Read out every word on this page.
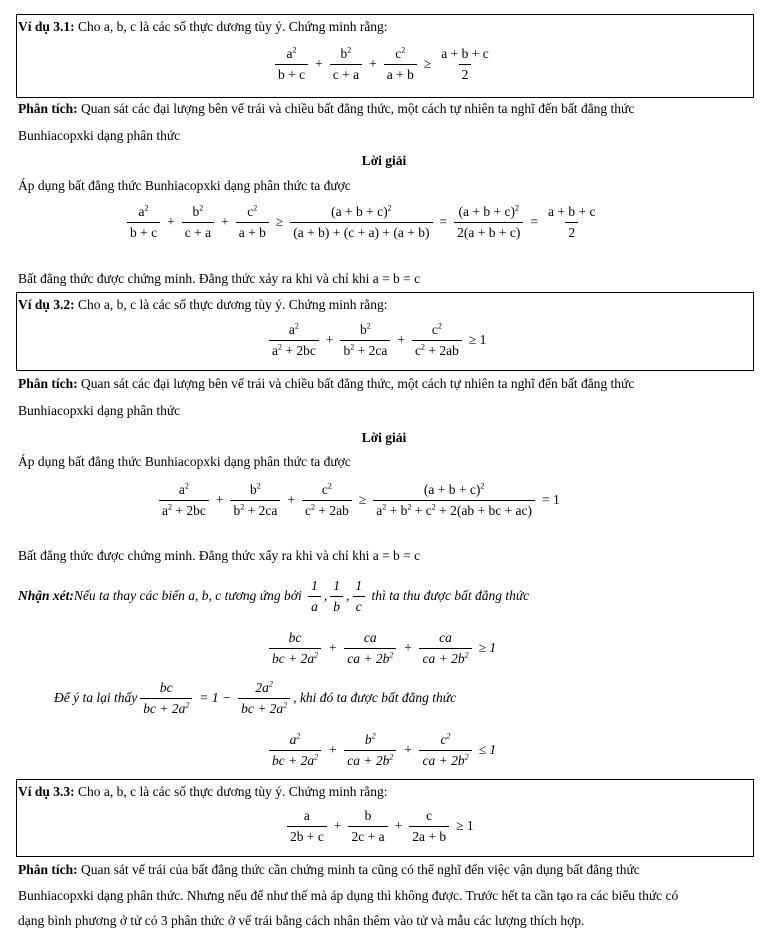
Ví dụ 3.1: Cho a, b, c là các số thực dương tùy ý. Chứng minh rằng:
$\frac{a^2}{b + c} + \frac{b^2}{c + a} + \frac{c^2}{a + b} \ge \frac{a + b + c}{2}$
Phân tích: Quan sát các đại lượng bên vế trái và chiều bất đẳng thức, một cách tự nhiên ta nghĩ đến bất đẳng thức
Bunhiacopxki dạng phân thức
Lời giải
Áp dụng bất đẳng thức Bunhiacopxki dạng phân thức ta được
$\frac{a^2}{b + c} + \frac{b^2}{c + a} + \frac{c^2}{a + b} \ge \frac{(a + b + c)^2}{(a + b) + (c + a) + (a + b)} = \frac{(a + b + c)^2}{2(a + b + c)} = \frac{a + b + c}{2}$
Bất đẳng thức được chứng minh. Đẳng thức xảy ra khi và chỉ khi a = b = c
Ví dụ 3.2: Cho a, b, c là các số thực dương tùy ý. Chứng minh rằng:
$\frac{a^2}{a^2 + 2bc} + \frac{b^2}{b^2 + 2ca} + \frac{c^2}{c^2 + 2ab} \ge 1$
Phân tích: Quan sát các đại lượng bên vế trái và chiều bất đẳng thức, một cách tự nhiên ta nghĩ đến bất đẳng thức
Bunhiacopxki dạng phân thức
Lời giải
Áp dụng bất đẳng thức Bunhiacopxki dạng phân thức ta được
$\frac{a^2}{a^2 + 2bc} + \frac{b^2}{b^2 + 2ca} + \frac{c^2}{c^2 + 2ab} \ge \frac{(a + b + c)^2}{a^2 + b^2 + c^2 + 2(ab + bc + ac)} = 1$
Bất đẳng thức được chứng minh. Đẳng thức xẩy ra khi và chỉ khi a = b = c
Nhận xét: Nếu ta thay các biến a, b, c tương ứng bởi
$\frac{1}{a}$ , $\frac{1}{b}$ , $\frac{1}{c}$
thì ta thu được bất đẳng thức
$\frac{bc}{bc + 2a^2} + \frac{ca}{ca + 2b^2} + \frac{ca}{ca + 2b^2} \ge 1$
Để ý ta lại thấy $\frac{bc}{bc + 2a^2} = 1 - \frac{2a^2}{bc + 2a^2}$ , khi đó ta được bất đẳng thức
$\frac{a^2}{bc + 2a^2} + \frac{b^2}{ca + 2b^2} + \frac{c^2}{ca + 2b^2} \le 1$
Ví dụ 3.3: Cho a, b, c là các số thực dương tùy ý. Chứng minh rằng:
$\frac{a}{2b + c} + \frac{b}{2c + a} + \frac{c}{2a + b} \ge 1$
Phân tích: Quan sát vế trái của bất đẳng thức cần chứng minh ta cũng có thể nghĩ đến việc vận dụng bất đẳng thức
Bunhiacopxki dạng phân thức. Nhưng nếu để như thế mà áp dụng thì không được. Trước hết ta cần tạo ra các biểu thức có
dạng bình phương ở tử có 3 phân thức ở vế trái bằng cách nhân thêm vào tử và mẫu các lượng thích hợp.
